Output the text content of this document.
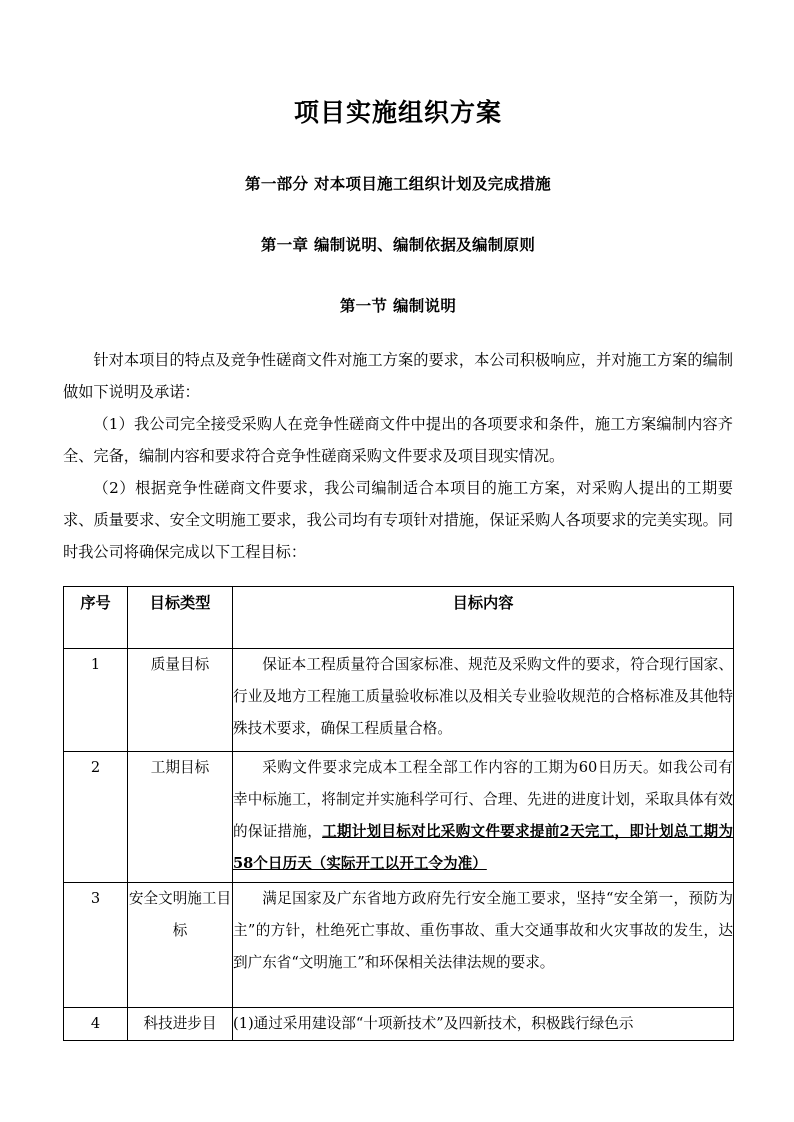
项目实施组织方案
第一部分 对本项目施工组织计划及完成措施
第一章 编制说明、编制依据及编制原则
第一节 编制说明

针对本项目的特点及竞争性磋商文件对施工方案的要求，本公司积极响应，并对施工方案的编制做如下说明及承诺：

（1）我公司完全接受采购人在竞争性磋商文件中提出的各项要求和条件，施工方案编制内容齐全、完备，编制内容和要求符合竞争性磋商采购文件要求及项目现实情况。

（2）根据竞争性磋商文件要求，我公司编制适合本项目的施工方案，对采购人提出的工期要求、质量要求、安全文明施工要求，我公司均有专项针对措施，保证采购人各项要求的完美实现。同时我公司将确保完成以下工程目标：

序号	目标类型	目标内容
1	质量目标	保证本工程质量符合国家标准、规范及采购文件的要求，符合现行国家、行业及地方工程施工质量验收标准以及相关专业验收规范的合格标准及其他特殊技术要求，确保工程质量合格。
2	工期目标	采购文件要求完成本工程全部工作内容的工期为60日历天。如我公司有幸中标施工，将制定并实施科学可行、合理、先进的进度计划，采取具体有效的保证措施，工期计划目标对比采购文件要求提前2天完工，即计划总工期为58个日历天（实际开工以开工令为准）
3	安全文明施工目标	满足国家及广东省地方政府先行安全施工要求，坚持“安全第一，预防为主”的方针，杜绝死亡事故、重伤事故、重大交通事故和火灾事故的发生，达到广东省“文明施工”和环保相关法律法规的要求。
4	科技进步目	(1)通过采用建设部“十项新技术”及四新技术，积极践行绿色示
